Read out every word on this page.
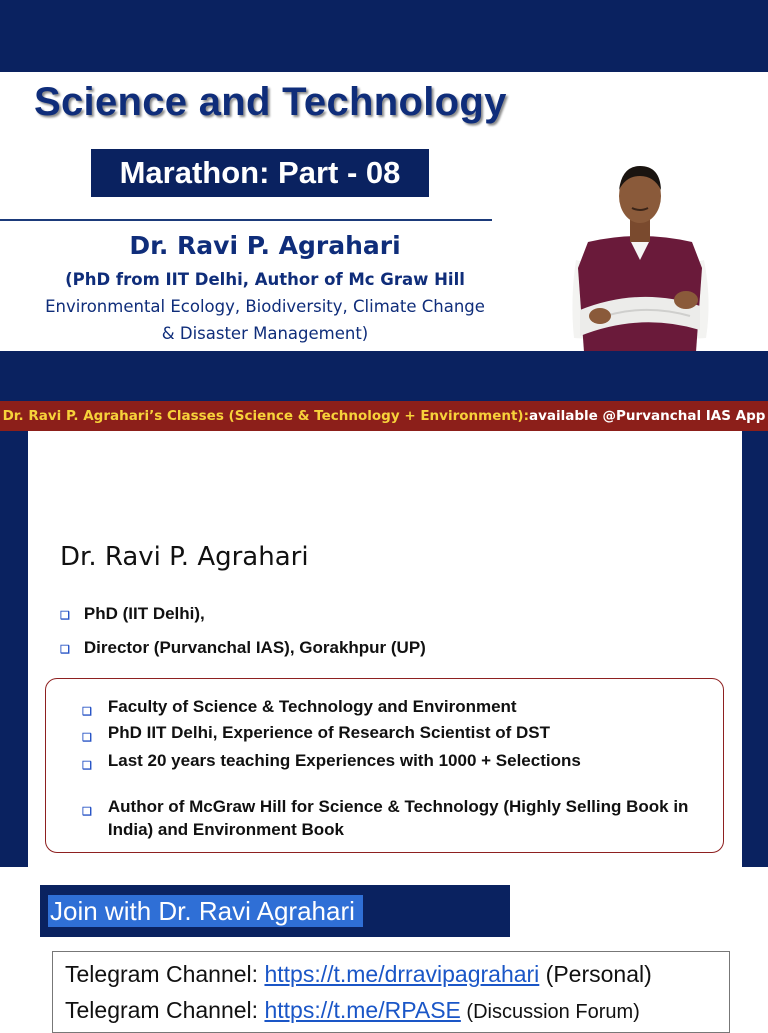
Science and Technology
Marathon: Part - 08
Dr. Ravi P. Agrahari
(PhD from IIT Delhi, Author of Mc Graw Hill
Environmental Ecology, Biodiversity, Climate Change
& Disaster Management)
Dr. Ravi P. Agrahari’s Classes (Science & Technology + Environment): available @Purvanchal IAS App
Dr. Ravi P. Agrahari
❑ PhD (IIT Delhi),
❑ Director (Purvanchal IAS), Gorakhpur (UP)
❑ Faculty of Science & Technology and Environment
❑ PhD IIT Delhi, Experience of Research Scientist of DST
❑ Last 20 years teaching Experiences with 1000 + Selections
❑ Author of McGraw Hill for Science & Technology (Highly Selling Book in India) and Environment Book
Join with Dr. Ravi Agrahari
Telegram Channel: https://t.me/drravipagrahari (Personal)
Telegram Channel: https://t.me/RPASE (Discussion Forum)
